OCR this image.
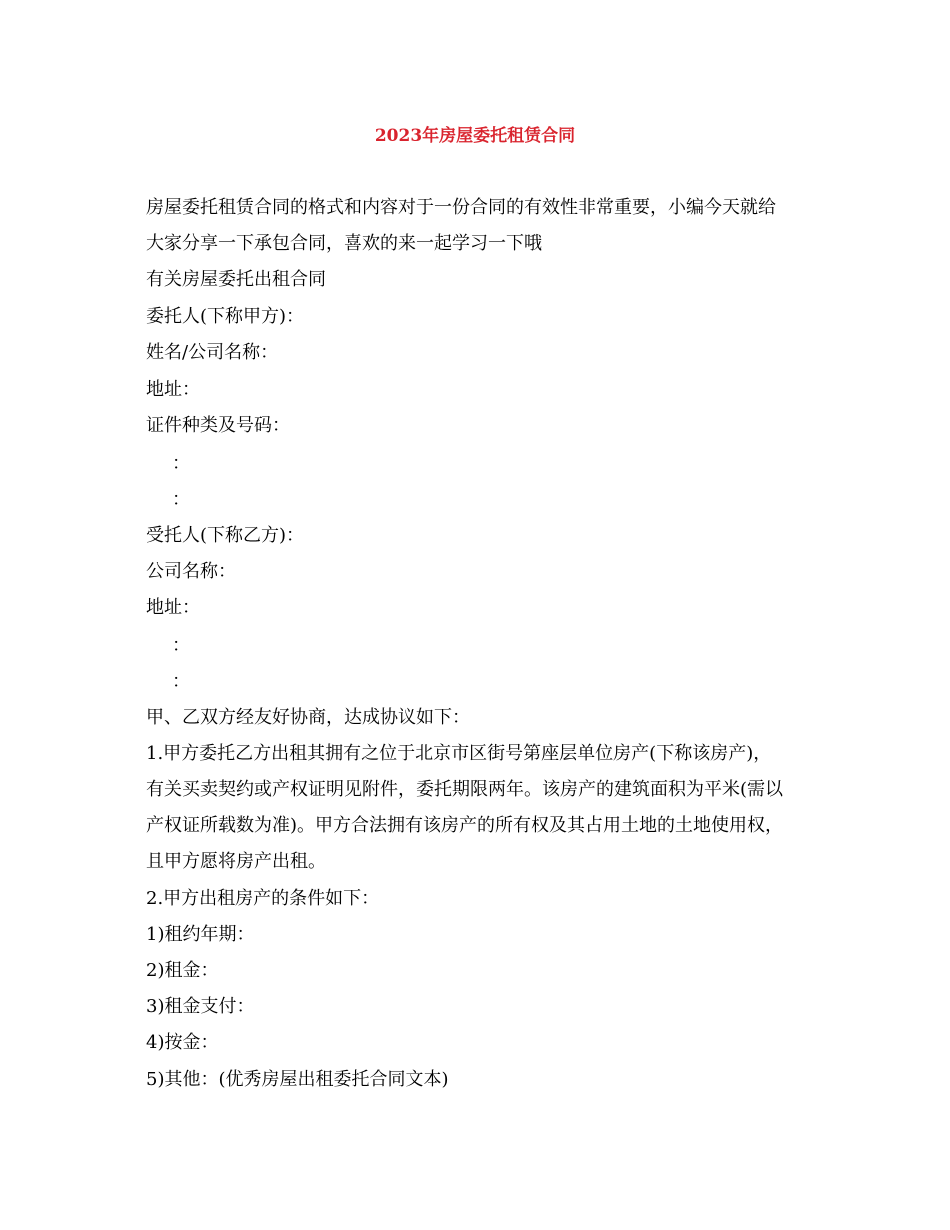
2023年房屋委托租赁合同
房屋委托租赁合同的格式和内容对于一份合同的有效性非常重要，小编今天就给
大家分享一下承包合同，喜欢的来一起学习一下哦
有关房屋委托出租合同
委托人(下称甲方)：
姓名/公司名称：
地址：
证件种类及号码：
：
：
受托人(下称乙方)：
公司名称：
地址：
：
：
甲、乙双方经友好协商，达成协议如下：
1.甲方委托乙方出租其拥有之位于北京市区街号第座层单位房产(下称该房产)，
有关买卖契约或产权证明见附件，委托期限两年。该房产的建筑面积为平米(需以
产权证所载数为准)。甲方合法拥有该房产的所有权及其占用土地的土地使用权，
且甲方愿将房产出租。
2.甲方出租房产的条件如下：
1)租约年期：
2)租金：
3)租金支付：
4)按金：
5)其他：(优秀房屋出租委托合同文本)
